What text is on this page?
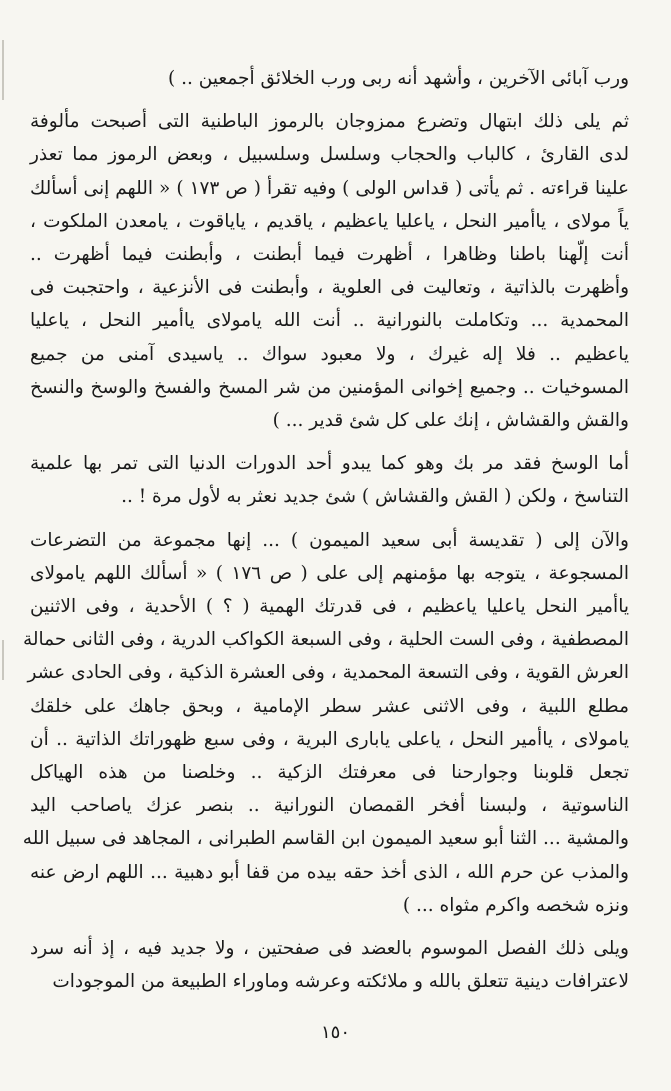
ورب آبائى الآخرين ، وأشهد أنه ربى ورب الخلائق أجمعين .. )

ثم يلى ذلك ابتهال وتضرع ممزوجان بالرموز الباطنية التى أصبحت مألوفة
لدى القارئ ، كالباب والحجاب وسلسل وسلسبيل ، وبعض الرموز مما تعذر
علينا قراءته . ثم يأتى ( قداس الولى ) وفيه تقرأ ( ص ١٧٣ ) « اللهم إنى أسألك
ياً مولاى ، ياأمير النحل ، ياعليا ياعظيم ، ياقديم ، ياياقوت ، يامعدن الملكوت ،
أنت إلّهنا باطنا وظاهرا ، أظهرت فيما أبطنت ، وأبطنت فيما أظهرت ..
وأظهرت بالذاتية ، وتعاليت فى العلوية ، وأبطنت فى الأنزعية ، واحتجبت فى
المحمدية ... وتكاملت بالنورانية .. أنت الله يامولاى ياأمير النحل ، ياعليا
ياعظيم .. فلا إله غيرك ، ولا معبود سواك .. ياسيدى آمنى من جميع
المسوخيات .. وجميع إخوانى المؤمنين من شر المسخ والفسخ والوسخ والنسخ
والقش والقشاش ، إنك على كل شئ قدير ... )

أما الوسخ فقد مر بك وهو كما يبدو أحد الدورات الدنيا التى تمر بها علمية
التناسخ ، ولكن ( القش والقشاش ) شئ جديد نعثر به لأول مرة ! ..

والآن إلى ( تقديسة أبى سعيد الميمون ) ... إنها مجموعة من التضرعات
المسجوعة ، يتوجه بها مؤمنهم إلى على ( ص ١٧٦ ) « أسألك اللهم يامولاى
ياأمير النحل ياعليا ياعظيم ، فى قدرتك الهمية ( ؟ ) الأحدية ، وفى الاثنين
المصطفية ، وفى الست الحلية ، وفى السبعة الكواكب الدرية ، وفى الثانى حمالة
العرش القوية ، وفى التسعة المحمدية ، وفى العشرة الذكية ، وفى الحادى عشر
مطلع اللبية ، وفى الاثنى عشر سطر الإمامية ، وبحق جاهك على خلقك
يامولاى ، ياأمير النحل ، ياعلى يابارى البرية ، وفى سبع ظهوراتك الذاتية .. أن
تجعل قلوبنا وجوارحنا فى معرفتك الزكية .. وخلصنا من هذه الهياكل
الناسوتية ، ولبسنا أفخر القمصان النورانية .. بنصر عزك ياصاحب اليد
والمشية ... الثنا أبو سعيد الميمون ابن القاسم الطبرانى ، المجاهد فى سبيل الله
والمذب عن حرم الله ، الذى أخذ حقه بيده من قفا أبو دهبية ... اللهم ارض عنه
ونزه شخصه واكرم مثواه ... )

ويلى ذلك الفصل الموسوم بالعضد فى صفحتين ، ولا جديد فيه ، إذ أنه سرد
لاعترافات دينية تتعلق بالله و ملائكته وعرشه وماوراء الطبيعة من الموجودات

١٥٠
